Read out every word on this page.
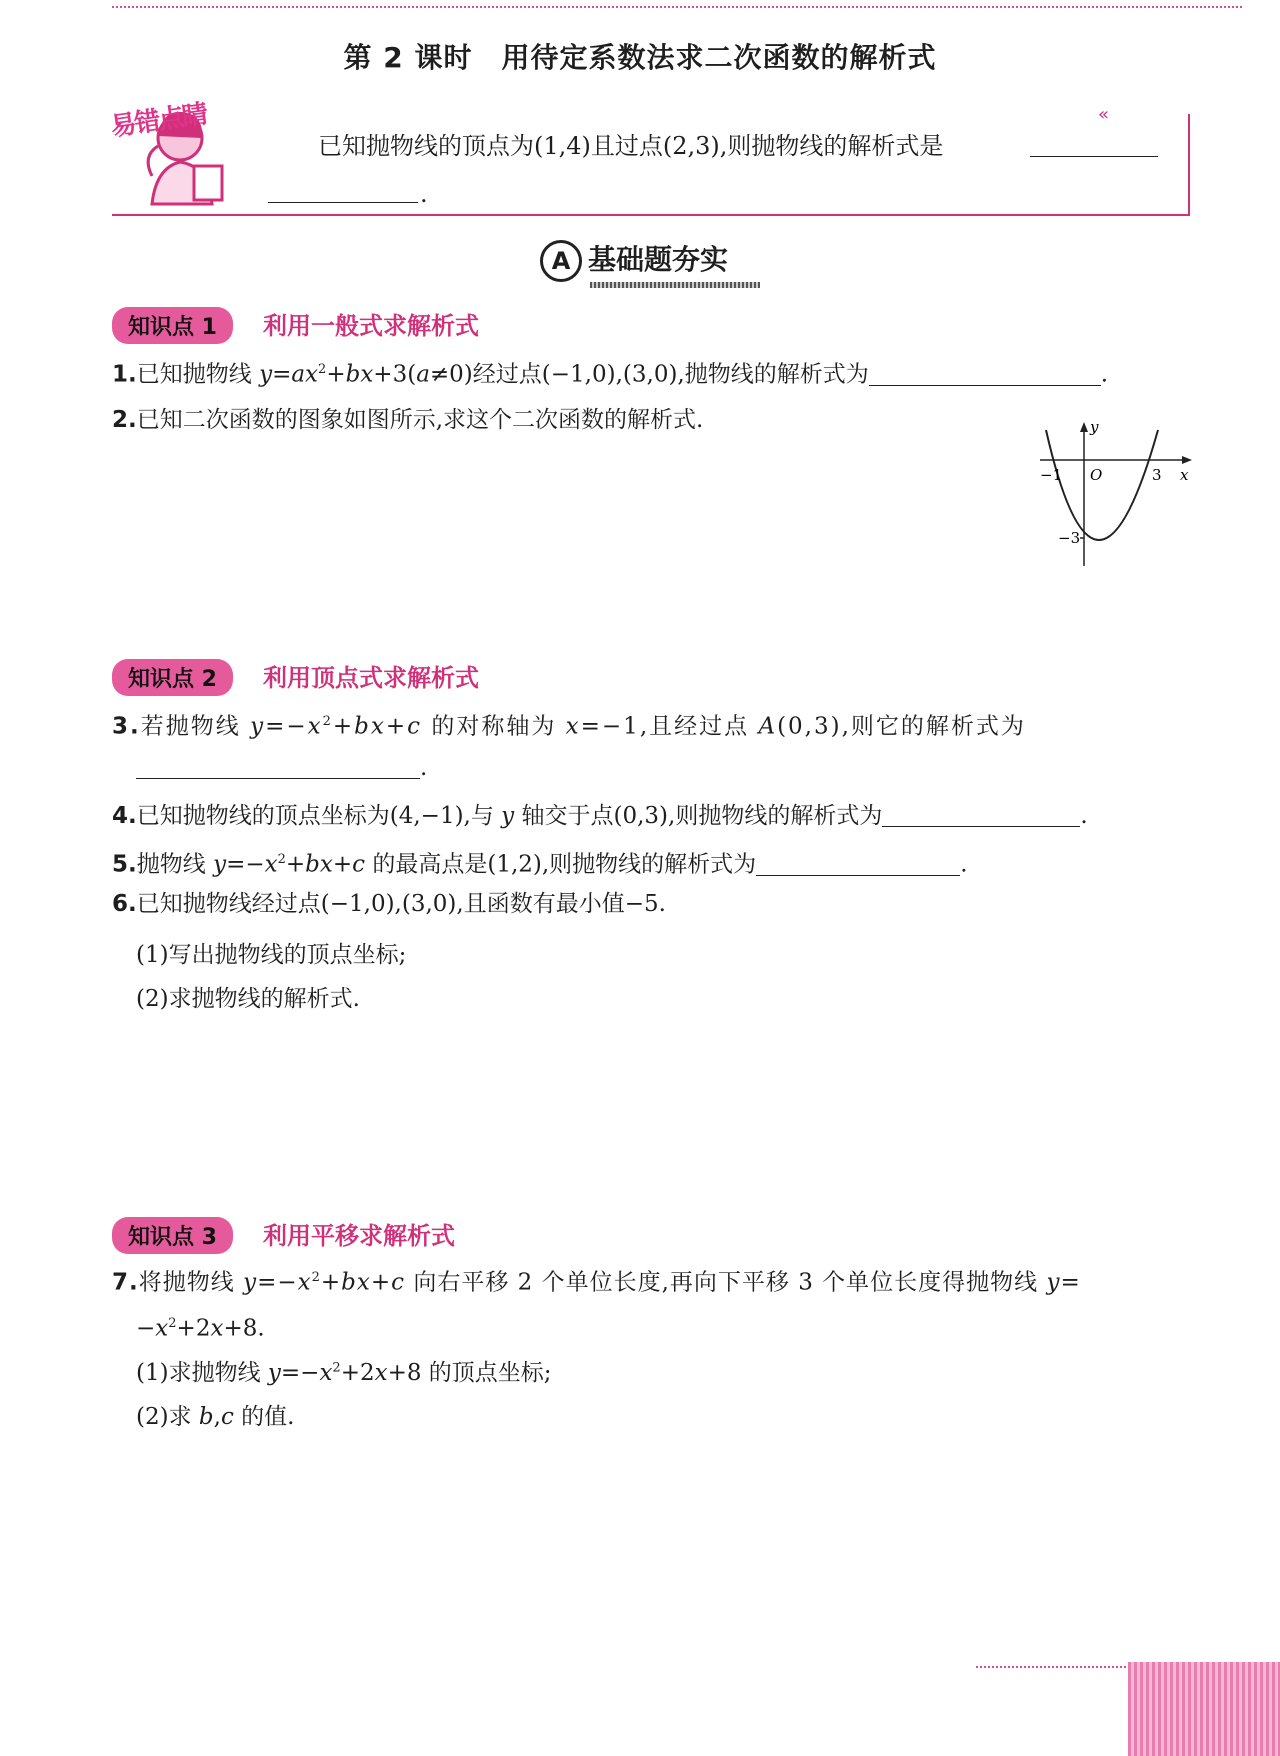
第 2 课时　用待定系数法求二次函数的解析式
«
易错点睛
已知抛物线的顶点为(1,4)且过点(2,3),则抛物线的解析式是
.
A 基础题夯实
知识点 1 利用一般式求解析式
1.已知抛物线 $y=ax^2+bx+3(a\ne 0)$经过点(−1,0),(3,0),抛物线的解析式为	.
2.已知二次函数的图象如图所示,求这个二次函数的解析式.	y
x
O
−1	3
−3
知识点 2 利用顶点式求解析式
3.若抛物线 $y=-x^2+bx+c$ 的对称轴为 x=−1,且经过点 A(0,3),则它的解析式为
.
4.已知抛物线的顶点坐标为(4,−1),与 y 轴交于点(0,3),则抛物线的解析式为	.
5.抛物线 $y=-x^2+bx+c$ 的最高点是(1,2),则抛物线的解析式为	.
6.已知抛物线经过点(−1,0),(3,0),且函数有最小值−5.
(1)写出抛物线的顶点坐标;
(2)求抛物线的解析式.
知识点 3 利用平移求解析式
7.将抛物线 $y=-x^2+bx+c$ 向右平移 2 个单位长度,再向下平移 3 个单位长度得抛物线 y=
$-x^2+2x+8$.
(1)求抛物线 $y=-x^2+2x+8$ 的顶点坐标;
(2)求 b,c 的值.
